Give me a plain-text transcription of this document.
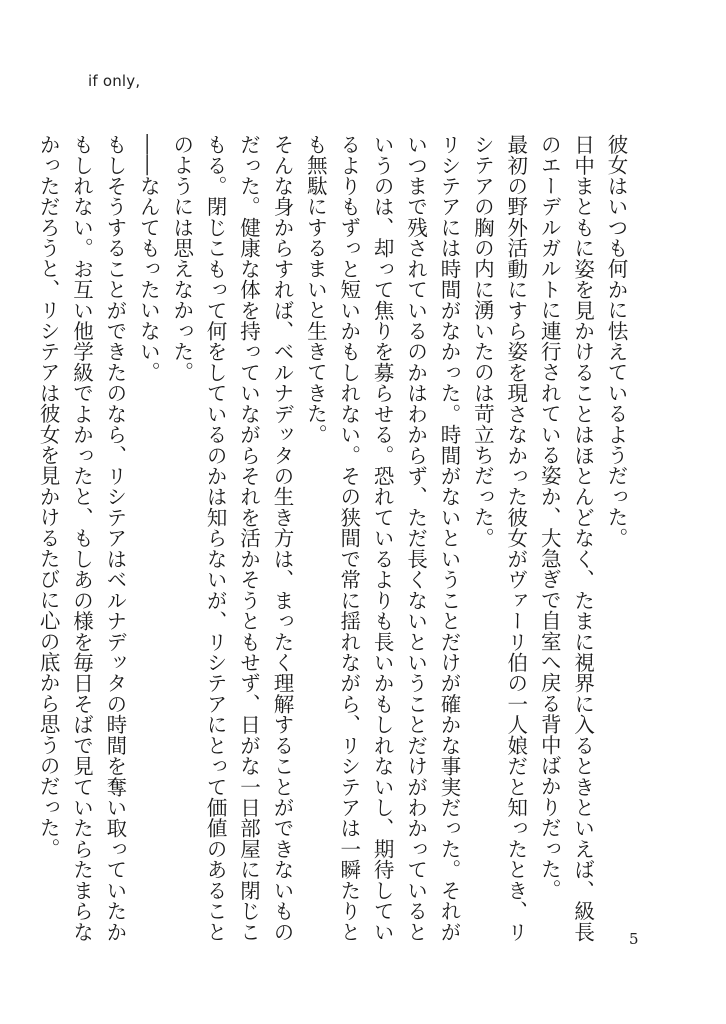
if only,

彼女はいつも何かに怯えているようだった。

日中まともに姿を見かけることはほとんどなく、たまに視界に入るときといえば、級長のエーデルガルトに連行されている姿か、大急ぎで自室へ戻る背中ばかりだった。

最初の野外活動にすら姿を現さなかった彼女がヴァーリ伯の一人娘だと知ったとき、リシテアの胸の内に湧いたのは苛立ちだった。

リシテアには時間がなかった。時間がないということだけが確かな事実だった。それがいつまで残されているのかはわからず、ただ長くないということだけがわかっているというのは、却って焦りを募らせる。恐れているよりも長いかもしれないし、期待しているよりもずっと短いかもしれない。その狭間で常に揺れながら、リシテアは一瞬たりとも無駄にするまいと生きてきた。

そんな身からすれば、ベルナデッタの生き方は、まったく理解することができないものだった。健康な体を持っていながらそれを活かそうともせず、日がな一日部屋に閉じこもる。閉じこもって何をしているのかは知らないが、リシテアにとって価値のあることのようには思えなかった。

――なんてもったいない。

もしそうすることができたのなら、リシテアはベルナデッタの時間を奪い取っていたかもしれない。お互い他学級でよかったと、もしあの様を毎日そばで見ていたらたまらなかっただろうと、リシテアは彼女を見かけるたびに心の底から思うのだった。

5
